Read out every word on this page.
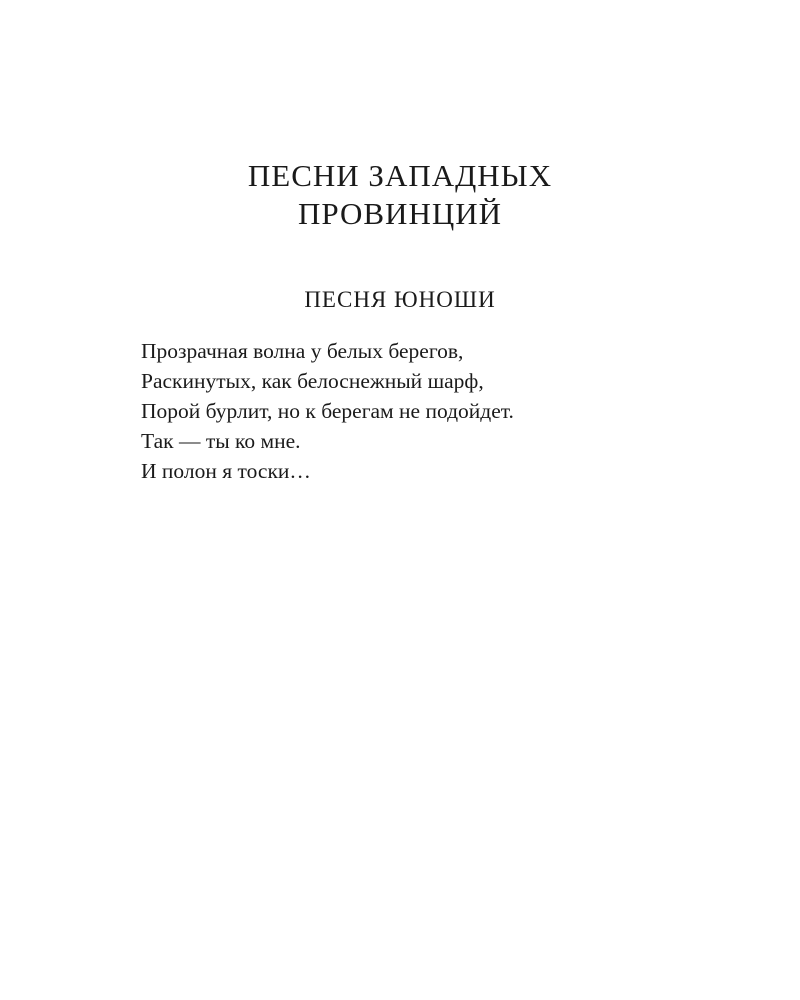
ПЕСНИ ЗАПАДНЫХ
ПРОВИНЦИЙ
ПЕСНЯ ЮНОШИ
Прозрачная волна у белых берегов,
Раскинутых, как белоснежный шарф,
Порой бурлит, но к берегам не подойдет.
Так — ты ко мне.
И полон я тоски…
